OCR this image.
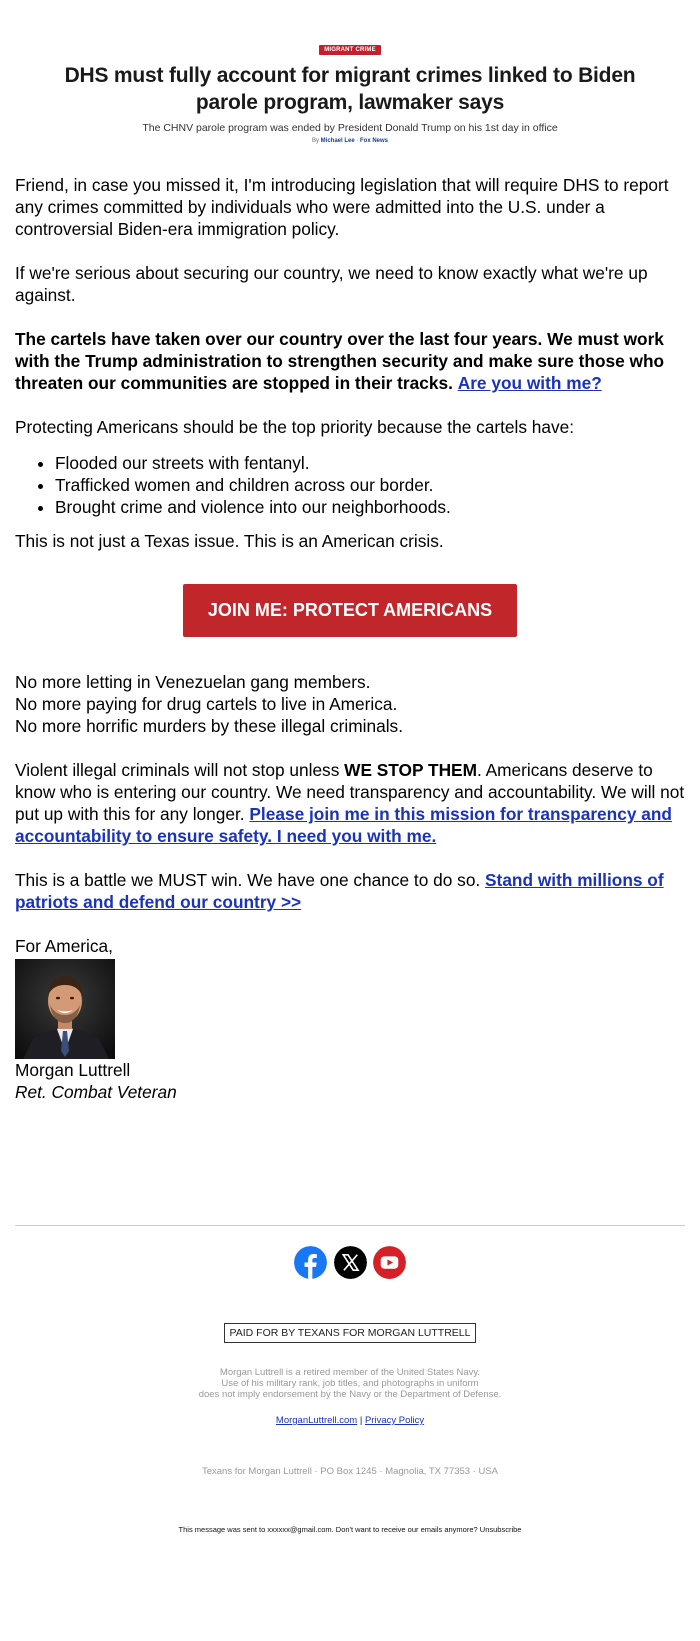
MIGRANT CRIME
DHS must fully account for migrant crimes linked to Biden parole program, lawmaker says
The CHNV parole program was ended by President Donald Trump on his 1st day in office
By Michael Lee · Fox News

Friend, in case you missed it, I'm introducing legislation that will require DHS to report any crimes committed by individuals who were admitted into the U.S. under a controversial Biden-era immigration policy.

If we're serious about securing our country, we need to know exactly what we're up against.

The cartels have taken over our country over the last four years. We must work with the Trump administration to strengthen security and make sure those who threaten our communities are stopped in their tracks. Are you with me?

Protecting Americans should be the top priority because the cartels have:

• Flooded our streets with fentanyl.
• Trafficked women and children across our border.
• Brought crime and violence into our neighborhoods.

This is not just a Texas issue. This is an American crisis.

JOIN ME: PROTECT AMERICANS

No more letting in Venezuelan gang members.

No more paying for drug cartels to live in America.

No more horrific murders by these illegal criminals.

Violent illegal criminals will not stop unless WE STOP THEM. Americans deserve to know who is entering our country. We need transparency and accountability. We will not put up with this for any longer. Please join me in this mission for transparency and accountability to ensure safety. I need you with me.

This is a battle we MUST win. We have one chance to do so. Stand with millions of patriots and defend our country >>

For America,

Morgan Luttrell

Ret. Combat Veteran

PAID FOR BY TEXANS FOR MORGAN LUTTRELL
Morgan Luttrell is a retired member of the United States Navy.
Use of his military rank, job titles, and photographs in uniform
does not imply endorsement by the Navy or the Department of Defense.
MorganLuttrell.com | Privacy Policy
Texans for Morgan Luttrell · PO Box 1245 · Magnolia, TX 77353 · USA
This message was sent to xxxxxx@gmail.com. Don't want to receive our emails anymore? Unsubscribe
